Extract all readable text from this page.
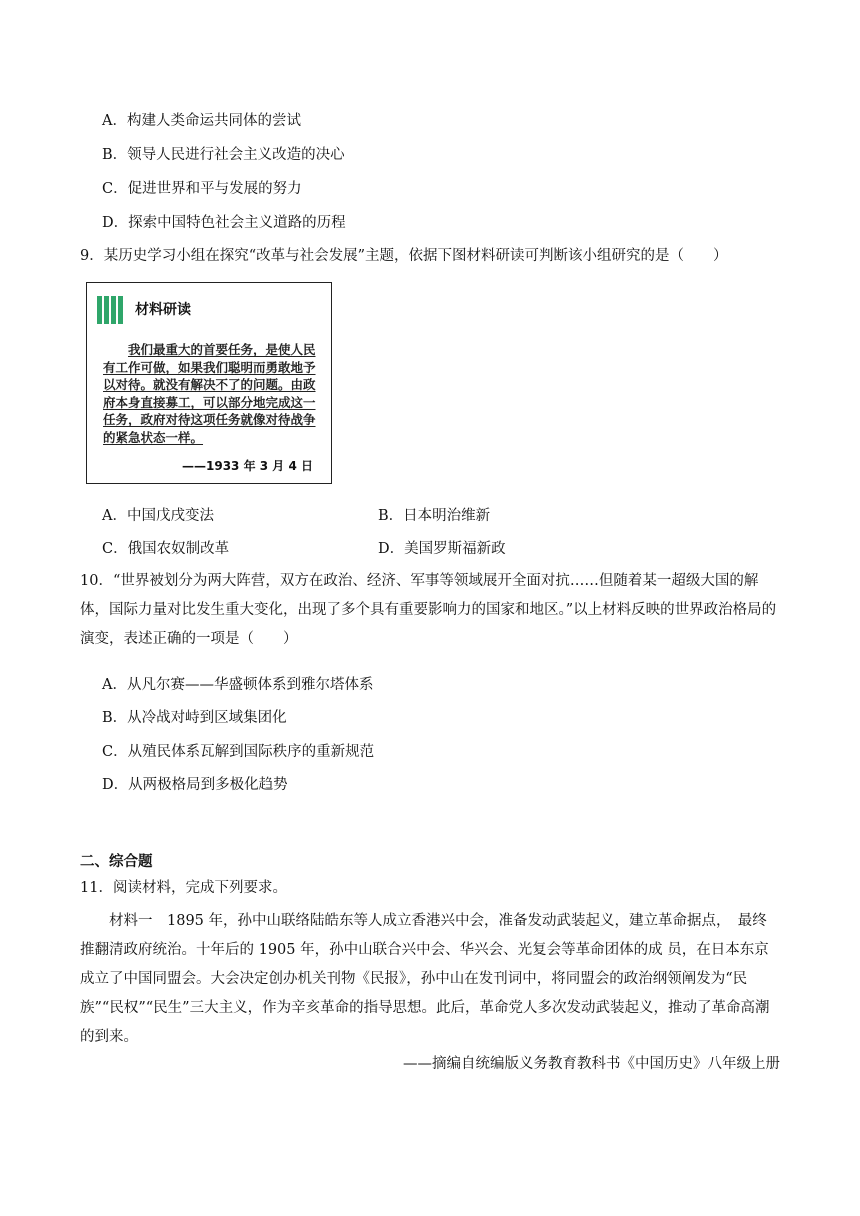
A．构建人类命运共同体的尝试
B．领导人民进行社会主义改造的决心
C．促进世界和平与发展的努力
D．探索中国特色社会主义道路的历程
9．某历史学习小组在探究“改革与社会发展”主题，依据下图材料研读可判断该小组研究的是（　　）
材料研读
我们最重大的首要任务，是使人民有工作可做，如果我们聪明而勇敢地予以对待。就没有解决不了的问题。由政府本身直接募工，可以部分地完成这一任务，政府对待这项任务就像对待战争的紧急状态一样。
——1933 年 3 月 4 日
A．中国戊戌变法	B．日本明治维新
C．俄国农奴制改革	D．美国罗斯福新政
10．“世界被划分为两大阵营，双方在政治、经济、军事等领域展开全面对抗……但随着某一超级大国的解体，国际力量对比发生重大变化，出现了多个具有重要影响力的国家和地区。”以上材料反映的世界政治格局的演变，表述正确的一项是（　　）
A．从凡尔赛——华盛顿体系到雅尔塔体系
B．从冷战对峙到区域集团化
C．从殖民体系瓦解到国际秩序的重新规范
D．从两极格局到多极化趋势
二、综合题
11．阅读材料，完成下列要求。
材料一　1895 年，孙中山联络陆皓东等人成立香港兴中会，准备发动武装起义，建立革命据点，　最终推翻清政府统治。十年后的 1905 年，孙中山联合兴中会、华兴会、光复会等革命团体的成 员，在日本东京成立了中国同盟会。大会决定创办机关刊物《民报》，孙中山在发刊词中，将同盟会的政治纲领阐发为“民族”“民权”“民生”三大主义，作为辛亥革命的指导思想。此后，革命党人多次发动武装起义，推动了革命高潮的到来。
——摘编自统编版义务教育教科书《中国历史》八年级上册
